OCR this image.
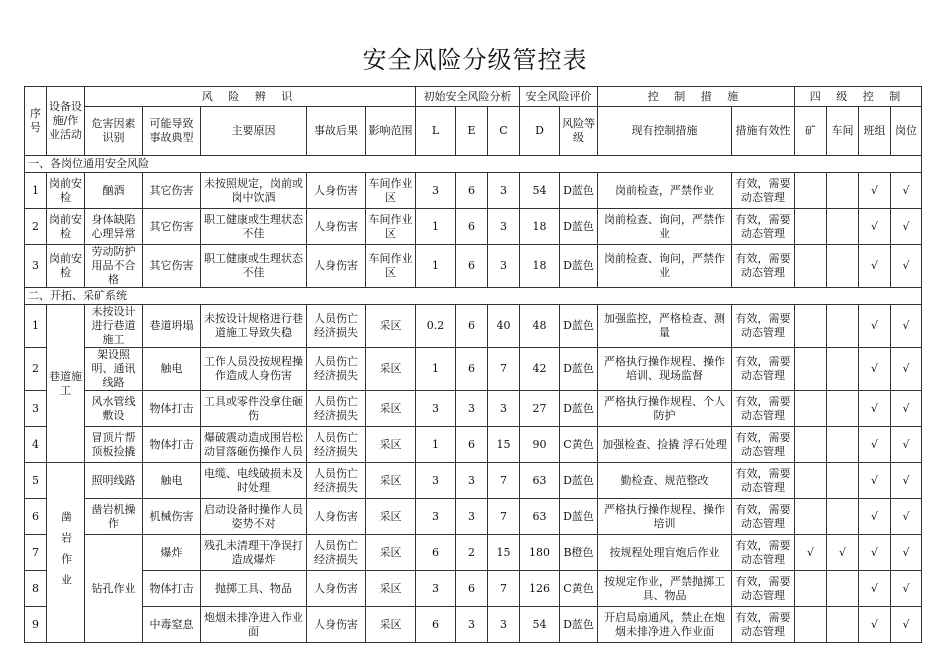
安全风险分级管控表
序号	设备设施/作业活动	风 险 辨 识					初始安全风险分析			安全风险评价		控 制 措 施		四 级 控 制			
		危害因素识别	可能导致事故典型	主要原因	事故后果	影响范围	L	E	C	D	风险等级	现有控制措施	措施有效性	矿	车间	班组	岗位
一、各岗位通用安全风险																	
1	岗前安检	酗酒	其它伤害	未按照规定，岗前或岗中饮酒	人身伤害	车间作业区	3	6	3	54	D蓝色	岗前检查，严禁作业	有效，需要动态管理			√	√
2	岗前安检	身体缺陷心理异常	其它伤害	职工健康或生理状态不佳	人身伤害	车间作业区	1	6	3	18	D蓝色	岗前检查、询问，严禁作业	有效，需要动态管理			√	√
3	岗前安检	劳动防护用品不合格	其它伤害	职工健康或生理状态不佳	人身伤害	车间作业区	1	6	3	18	D蓝色	岗前检查、询问，严禁作业	有效，需要动态管理			√	√
二、开拓、采矿系统																	
1	巷道施工	未按设计进行巷道施工	巷道坍塌	未按设计规格进行巷道施工导致失稳	人员伤亡经济损失	采区	0.2	6	40	48	D蓝色	加强监控，严格检查、测量	有效，需要动态管理			√	√
2		架设照明、通讯线路	触电	工作人员没按规程操作造成人身伤害	人员伤亡经济损失	采区	1	6	7	42	D蓝色	严格执行操作规程、操作培训、现场监督	有效，需要动态管理			√	√
3		风水管线敷设	物体打击	工具或零件没拿住砸伤	人员伤亡经济损失	采区	3	3	3	27	D蓝色	严格执行操作规程、个人防护	有效，需要动态管理			√	√
4		冒顶片帮顶板捡撬	物体打击	爆破震动造成围岩松动冒落砸伤操作人员	人员伤亡经济损失	采区	1	6	15	90	C黄色	加强检查、捡撬 浮石处理	有效，需要动态管理			√	√
5	凿岩作业	照明线路	触电	电缆、电线破损未及时处理	人员伤亡经济损失	采区	3	3	7	63	D蓝色	勤检查、规范整改	有效，需要动态管理			√	√
6		凿岩机操作	机械伤害	启动设备时操作人员姿势不对	人身伤害	采区	3	3	7	63	D蓝色	严格执行操作规程、操作培训	有效，需要动态管理			√	√
7		钻孔作业	爆炸	残孔未清理干净误打造成爆炸	人员伤亡经济损失	采区	6	2	15	180	B橙色	按规程处理盲炮后作业	有效，需要动态管理	√	√	√	√
8			物体打击	抛掷工具、物品	人身伤害	采区	3	6	7	126	C黄色	按规定作业，严禁抛掷工具、物品	有效，需要动态管理			√	√
9			中毒窒息	炮烟未排净进入作业面	人身伤害	采区	6	3	3	54	D蓝色	开启局扇通风，禁止在炮烟未排净进入作业面	有效，需要动态管理			√	√
